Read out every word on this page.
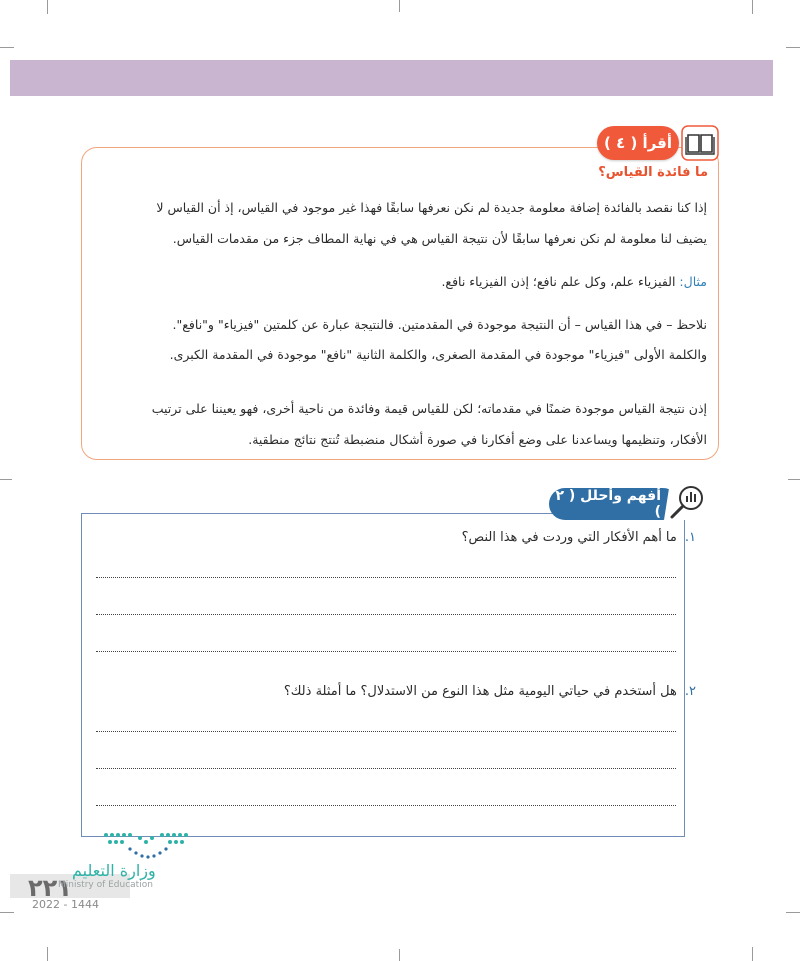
أقرأ ( ٤ )
ما فائدة القياس؟
إذا كنا نقصد بالفائدة إضافة معلومة جديدة لم نكن نعرفها سابقًا فهذا غير موجود في القياس، إذ أن القياس لا
يضيف لنا معلومة لم نكن نعرفها سابقًا لأن نتيجة القياس هي في نهاية المطاف جزء من مقدمات القياس.
مثال: الفيزياء علم، وكل علم نافع؛ إذن الفيزياء نافع.
نلاحظ – في هذا القياس – أن النتيجة موجودة في المقدمتين. فالنتيجة عبارة عن كلمتين "فيزياء" و"نافع".
والكلمة الأولى "فيزياء" موجودة في المقدمة الصغرى، والكلمة الثانية "نافع" موجودة في المقدمة الكبرى.
إذن نتيجة القياس موجودة ضمنًا في مقدماته؛ لكن للقياس قيمة وفائدة من ناحية أخرى، فهو يعيننا على ترتيب
الأفكار، وتنظيمها ويساعدنا على وضع أفكارنا في صورة أشكال منضبطة تُنتج نتائج منطقية.
أفهم وأحلل ( ٢ )
١.
ما أهم الأفكار التي وردت في هذا النص؟
٢.
هل أستخدم في حياتي اليومية مثل هذا النوع من الاستدلال؟ ما أمثلة ذلك؟
وزارة التعليم
٢٢١
Ministry of Education
2022 - 1444
